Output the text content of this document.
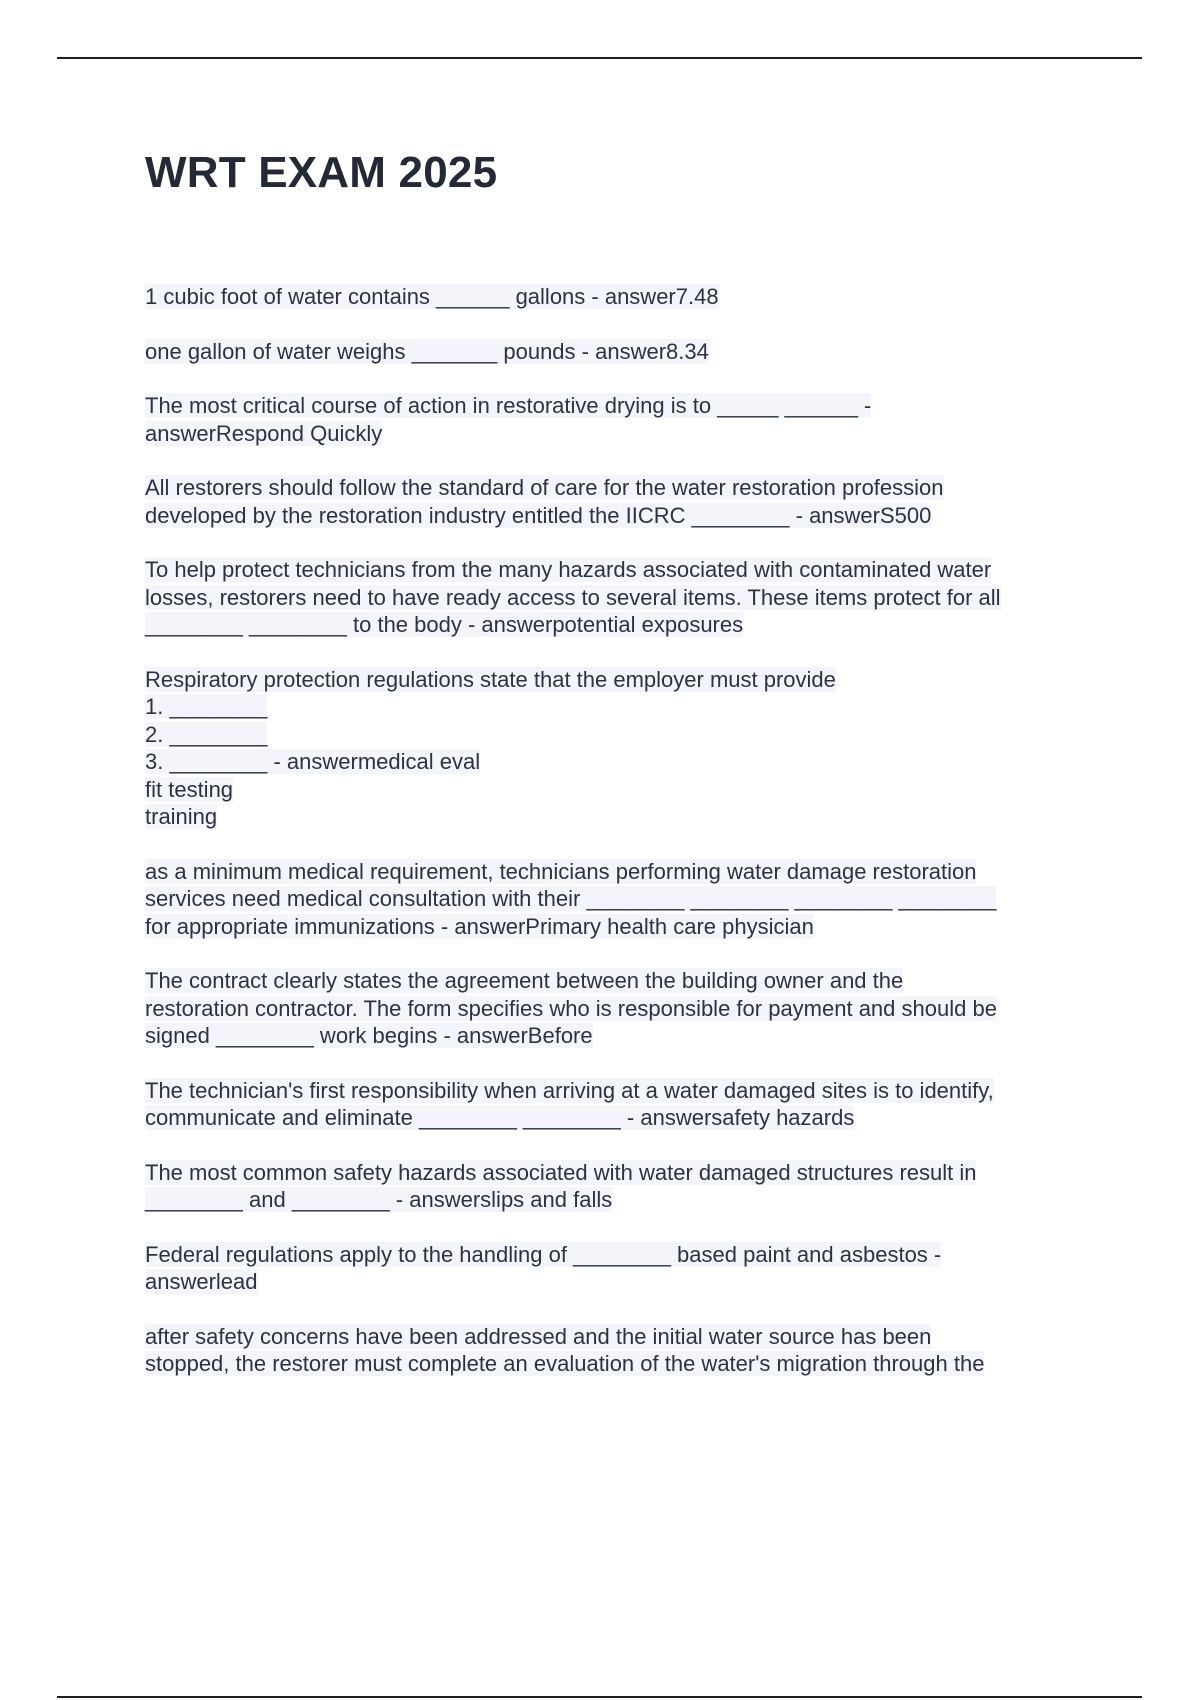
WRT EXAM 2025

1 cubic foot of water contains ______ gallons - answer7.48

one gallon of water weighs _______ pounds - answer8.34

The most critical course of action in restorative drying is to _____ ______ -
answerRespond Quickly

All restorers should follow the standard of care for the water restoration profession
developed by the restoration industry entitled the IICRC ________ - answerS500

To help protect technicians from the many hazards associated with contaminated water
losses, restorers need to have ready access to several items. These items protect for all
________ ________ to the body - answerpotential exposures

Respiratory protection regulations state that the employer must provide
1. ________
2. ________
3. ________ - answermedical eval
fit testing
training

as a minimum medical requirement, technicians performing water damage restoration
services need medical consultation with their ________ ________ ________ ________
for appropriate immunizations - answerPrimary health care physician

The contract clearly states the agreement between the building owner and the
restoration contractor. The form specifies who is responsible for payment and should be
signed ________ work begins - answerBefore

The technician's first responsibility when arriving at a water damaged sites is to identify,
communicate and eliminate ________ ________ - answersafety hazards

The most common safety hazards associated with water damaged structures result in
________ and ________ - answerslips and falls

Federal regulations apply to the handling of ________ based paint and asbestos -
answerlead

after safety concerns have been addressed and the initial water source has been
stopped, the restorer must complete an evaluation of the water's migration through the
